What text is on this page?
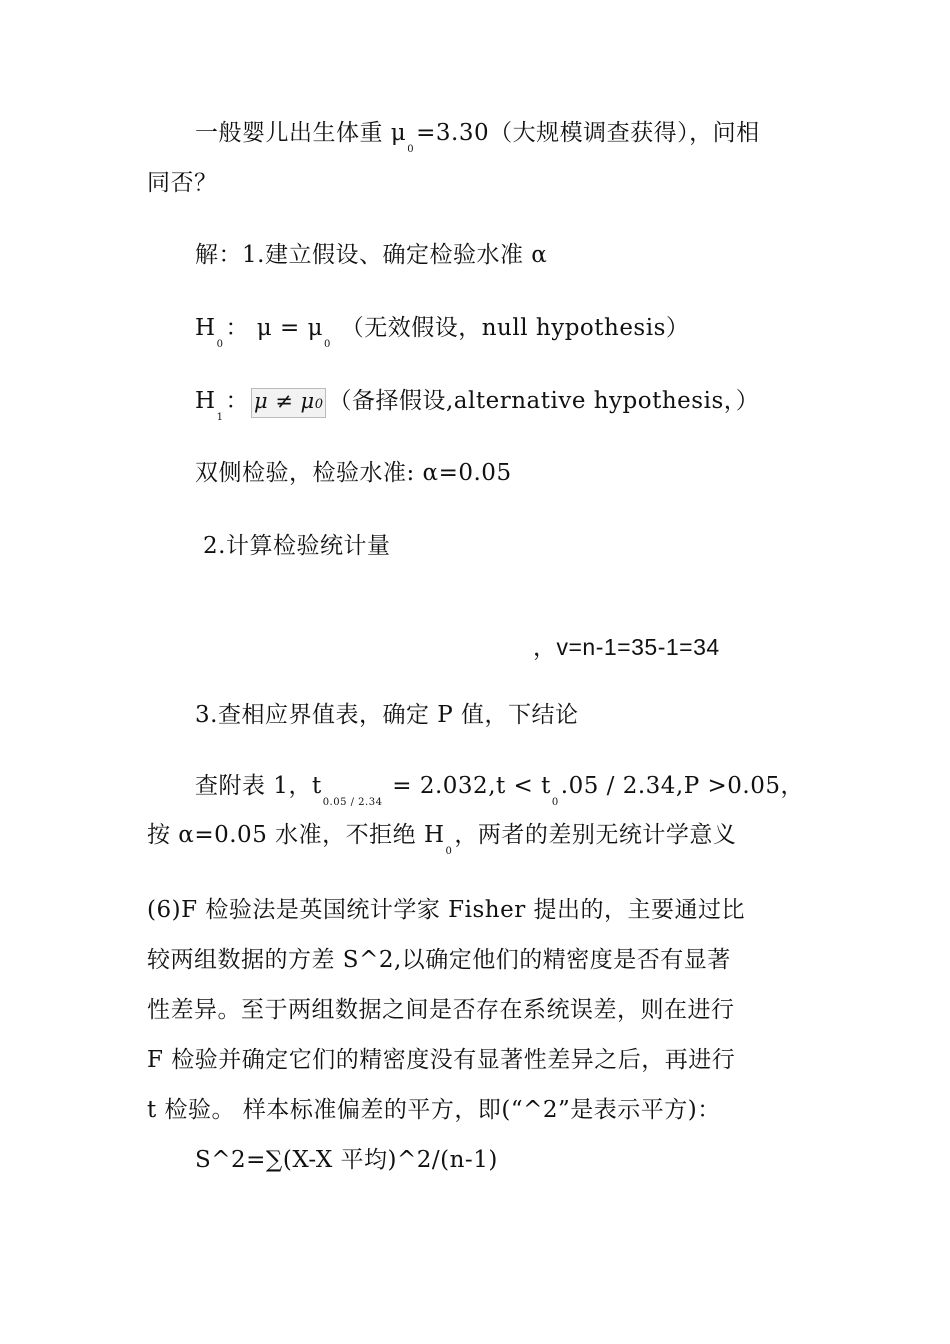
一般婴儿出生体重 $\mu_0=3.30$（大规模调查获得），问相
同否？
解：1.建立假设、确定检验水准 α
$H_0$： $\mu = \mu_0$ （无效假设，null hypothesis）
$H_1$： μ ≠ μ0 （备择假设,alternative hypothesis，）
双侧检验，检验水准: α=0.05
2.计算检验统计量
，v=n-1=35-1=34
3.查相应界值表，确定 P 值，下结论
查附表 1，$t_{0.05 / 2.34} = 2.032,t < t_0.05 / 2.34,P >0.05$，
按 α=0.05 水准，不拒绝 $H_0$，两者的差别无统计学意义
(6)F 检验法是英国统计学家 Fisher 提出的，主要通过比
较两组数据的方差 S^2,以确定他们的精密度是否有显著
性差异。至于两组数据之间是否存在系统误差，则在进行
F 检验并确定它们的精密度没有显著性差异之后，再进行
t 检验。 样本标准偏差的平方，即(“^2”是表示平方)：
S^2=∑(X-X 平均)^2/(n-1)
